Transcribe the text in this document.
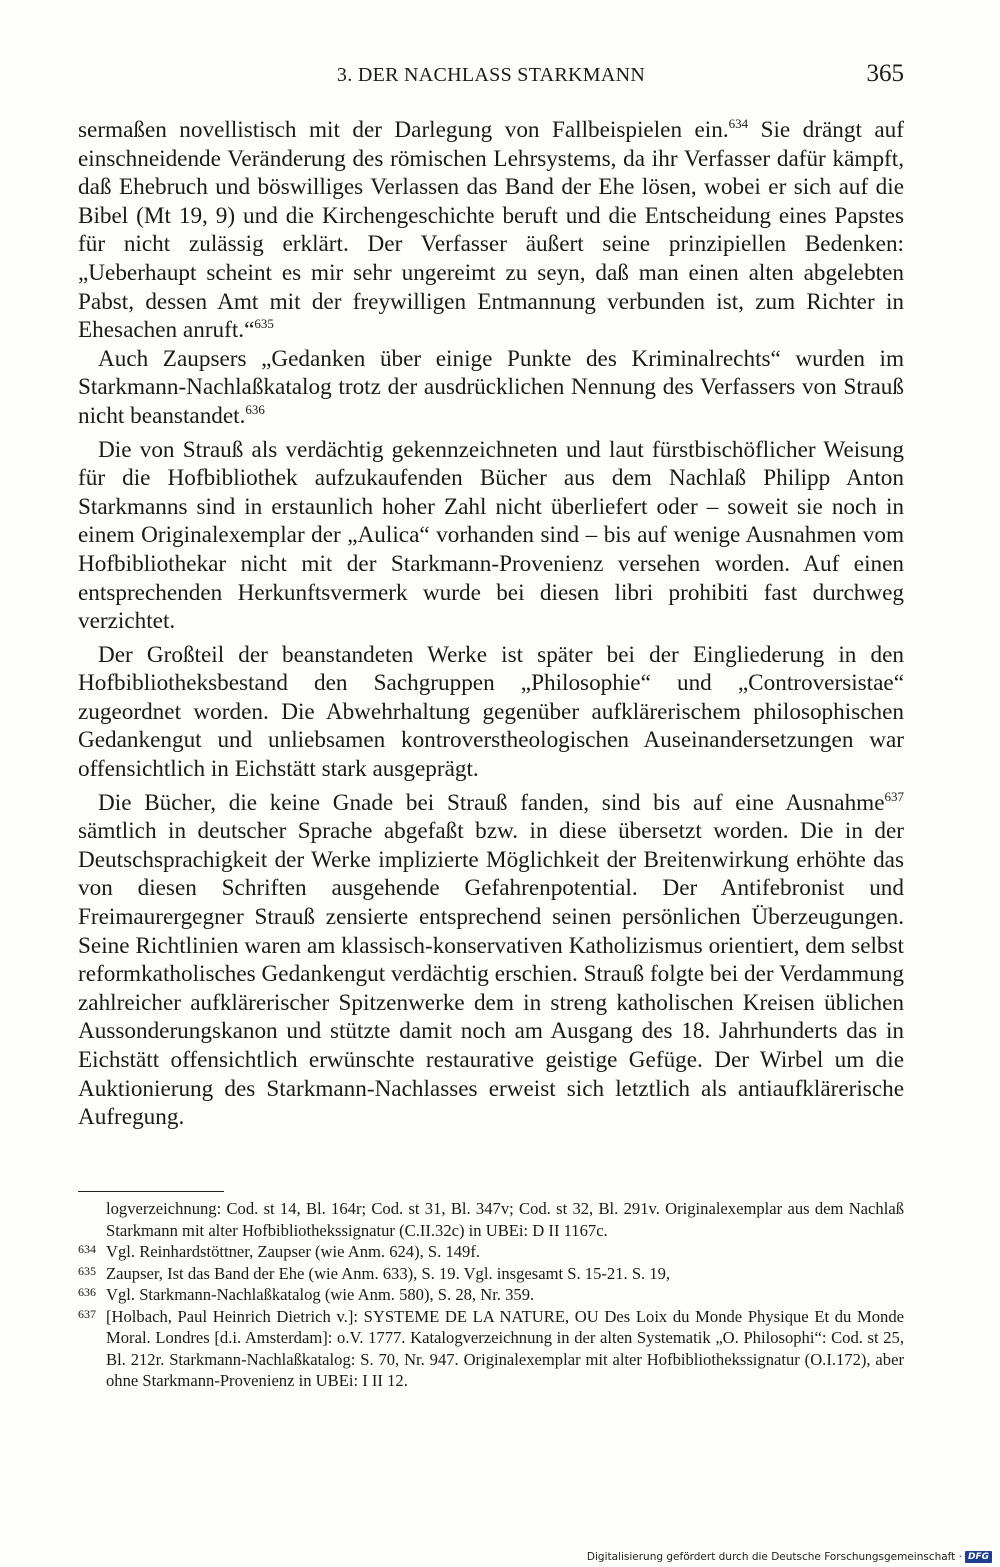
3. DER NACHLASS STARKMANN	365

sermaßen novellistisch mit der Darlegung von Fallbeispielen ein.$^{634}$ Sie drängt auf einschneidende Veränderung des römischen Lehrsystems, da ihr Verfasser dafür kämpft, daß Ehebruch und böswilliges Verlassen das Band der Ehe lösen, wobei er sich auf die Bibel (Mt 19, 9) und die Kirchengeschichte beruft und die Entscheidung eines Papstes für nicht zulässig erklärt. Der Verfasser äußert seine prinzipiellen Bedenken: „Ueberhaupt scheint es mir sehr ungereimt zu seyn, daß man einen alten abgelebten Pabst, dessen Amt mit der freywilligen Entmannung verbunden ist, zum Richter in Ehesachen anruft.“$^{635}$

Auch Zaupsers „Gedanken über einige Punkte des Kriminalrechts“ wurden im Starkmann-Nachlaßkatalog trotz der ausdrücklichen Nennung des Verfassers von Strauß nicht beanstandet.$^{636}$

Die von Strauß als verdächtig gekennzeichneten und laut fürstbischöflicher Weisung für die Hofbibliothek aufzukaufenden Bücher aus dem Nachlaß Philipp Anton Starkmanns sind in erstaunlich hoher Zahl nicht überliefert oder – soweit sie noch in einem Originalexemplar der „Aulica“ vorhanden sind – bis auf wenige Ausnahmen vom Hofbibliothekar nicht mit der Starkmann-Provenienz versehen worden. Auf einen entsprechenden Herkunftsvermerk wurde bei diesen libri prohibiti fast durchweg verzichtet.

Der Großteil der beanstandeten Werke ist später bei der Eingliederung in den Hofbibliotheksbestand den Sachgruppen „Philosophie“ und „Controversistae“ zugeordnet worden. Die Abwehrhaltung gegenüber aufklärerischem philosophischen Gedankengut und unliebsamen kontroverstheologischen Auseinandersetzungen war offensichtlich in Eichstätt stark ausgeprägt.

Die Bücher, die keine Gnade bei Strauß fanden, sind bis auf eine Ausnahme$^{637}$ sämtlich in deutscher Sprache abgefaßt bzw. in diese übersetzt worden. Die in der Deutschsprachigkeit der Werke implizierte Möglichkeit der Breitenwirkung erhöhte das von diesen Schriften ausgehende Gefahrenpotential. Der Antifebronist und Freimaurergegner Strauß zensierte entsprechend seinen persönlichen Überzeugungen. Seine Richtlinien waren am klassisch-konservativen Katholizismus orientiert, dem selbst reformkatholisches Gedankengut verdächtig erschien. Strauß folgte bei der Verdammung zahlreicher aufklärerischer Spitzenwerke dem in streng katholischen Kreisen üblichen Aussonderungskanon und stützte damit noch am Ausgang des 18. Jahrhunderts das in Eichstätt offensichtlich erwünschte restaurative geistige Gefüge. Der Wirbel um die Auktionierung des Starkmann-Nachlasses erweist sich letztlich als antiaufklärerische Aufregung.

logverzeichnung: Cod. st 14, Bl. 164r; Cod. st 31, Bl. 347v; Cod. st 32, Bl. 291v. Originalexemplar aus dem Nachlaß Starkmann mit alter Hofbibliothekssignatur (C.II.32c) in UBEi: D II 1167c.

634 Vgl. Reinhardstöttner, Zaupser (wie Anm. 624), S. 149f.

635 Zaupser, Ist das Band der Ehe (wie Anm. 633), S. 19. Vgl. insgesamt S. 15-21. S. 19,

636 Vgl. Starkmann-Nachlaßkatalog (wie Anm. 580), S. 28, Nr. 359.

637 [Holbach, Paul Heinrich Dietrich v.]: SYSTEME DE LA NATURE, OU Des Loix du Monde Physique Et du Monde Moral. Londres [d.i. Amsterdam]: o.V. 1777. Katalogverzeichnung in der alten Systematik „O. Philosophi“: Cod. st 25, Bl. 212r. Starkmann-Nachlaßkatalog: S. 70, Nr. 947. Originalexemplar mit alter Hofbibliothekssignatur (O.I.172), aber ohne Starkmann-Provenienz in UBEi: I II 12.

Digitalisierung gefördert durch die Deutsche Forschungsgemeinschaft · DFG
